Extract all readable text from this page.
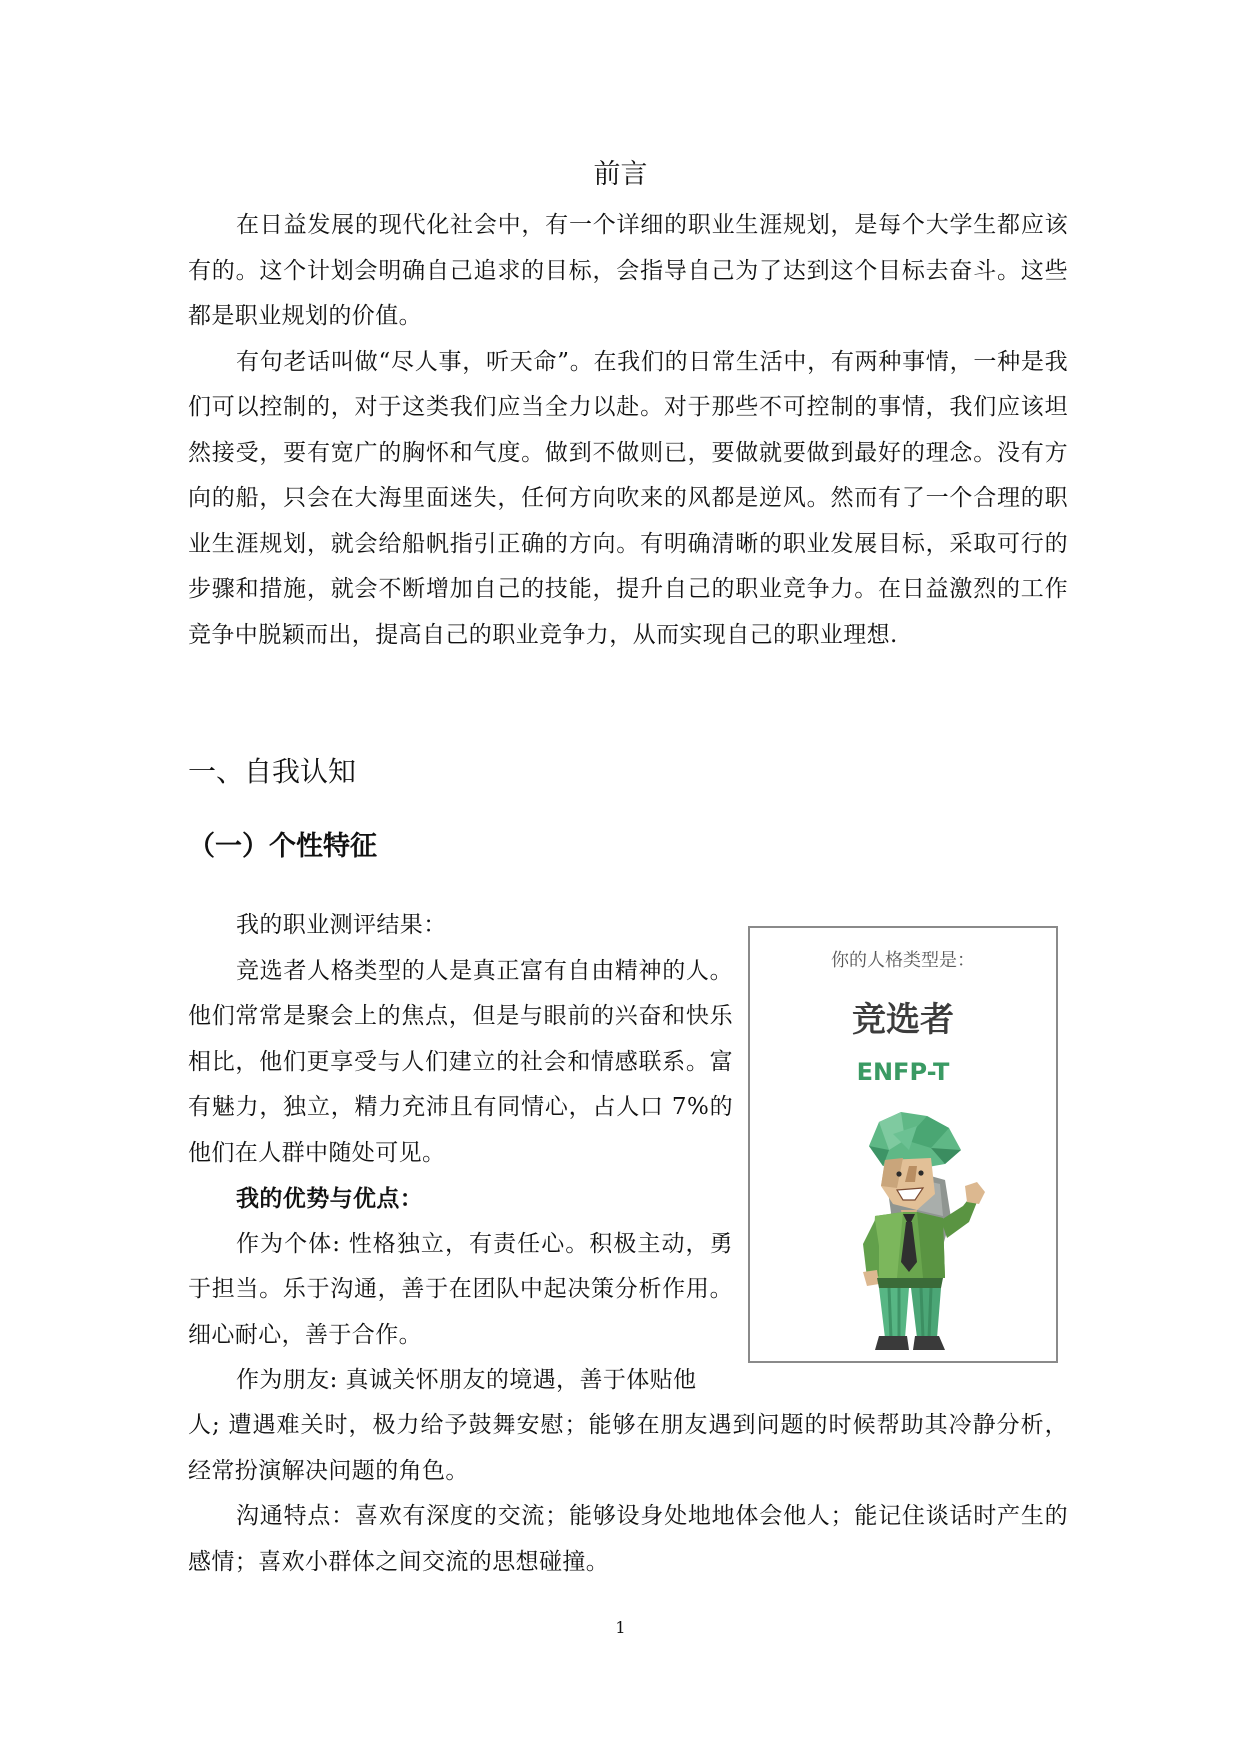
前言

在日益发展的现代化社会中，有一个详细的职业生涯规划，是每个大学生都应该有的。这个计划会明确自己追求的目标，会指导自己为了达到这个目标去奋斗。这些都是职业规划的价值。

有句老话叫做“尽人事，听天命”。在我们的日常生活中，有两种事情，一种是我们可以控制的，对于这类我们应当全力以赴。对于那些不可控制的事情，我们应该坦然接受，要有宽广的胸怀和气度。做到不做则已，要做就要做到最好的理念。没有方向的船，只会在大海里面迷失，任何方向吹来的风都是逆风。然而有了一个合理的职业生涯规划，就会给船帆指引正确的方向。有明确清晰的职业发展目标，采取可行的步骤和措施，就会不断增加自己的技能，提升自己的职业竞争力。在日益激烈的工作竞争中脱颖而出，提高自己的职业竞争力，从而实现自己的职业理想.

一、自我认知
（一）个性特征

我的职业测评结果：

竞选者人格类型的人是真正富有自由精神的人。他们常常是聚会上的焦点，但是与眼前的兴奋和快乐相比，他们更享受与人们建立的社会和情感联系。富有魅力，独立，精力充沛且有同情心，占人口 7%的他们在人群中随处可见。

我的优势与优点：

作为个体: 性格独立，有责任心。积极主动，勇于担当。乐于沟通，善于在团队中起决策分析作用。细心耐心，善于合作。

作为朋友: 真诚关怀朋友的境遇，善于体贴他

人; 遭遇难关时，极力给予鼓舞安慰；能够在朋友遇到问题的时候帮助其冷静分析，经常扮演解决问题的角色。

沟通特点：喜欢有深度的交流；能够设身处地地体会他人；能记住谈话时产生的感情；喜欢小群体之间交流的思想碰撞。

你的人格类型是：
竞选者
ENFP-T
1
